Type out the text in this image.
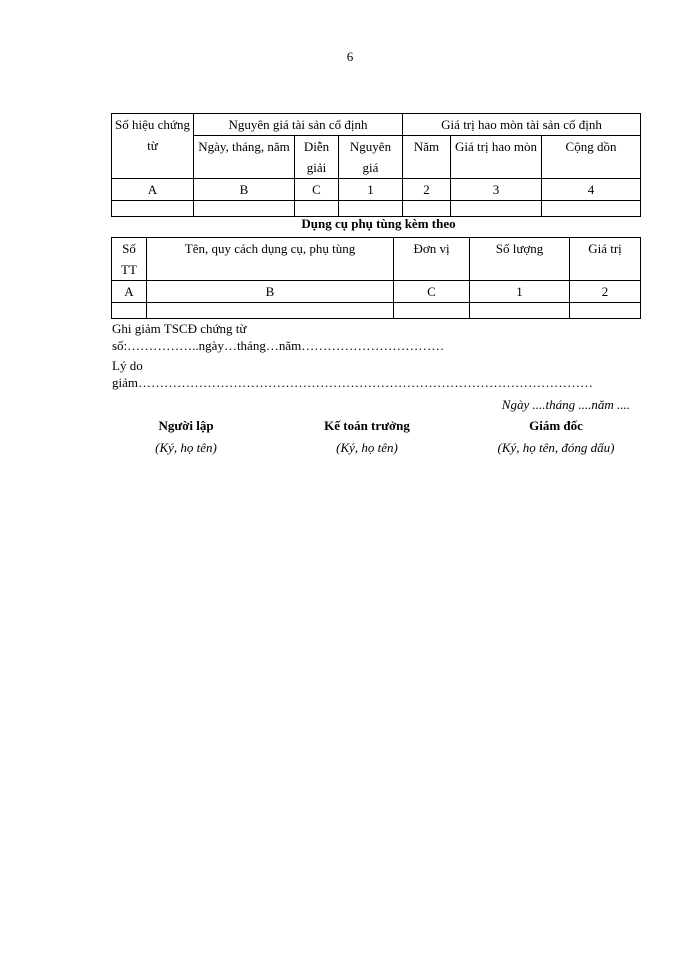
6
Số hiệu chứng từ	Nguyên giá tài sản cố định			Giá trị hao mòn tài sản cố định		
	Ngày, tháng, năm	Diễn giải	Nguyên giá	Năm	Giá trị hao mòn	Cộng dồn
A	B	C	1	2	3	4

Dụng cụ phụ tùng kèm theo
Số TT	Tên, quy cách dụng cụ, phụ tùng	Đơn vị	Số lượng	Giá trị
A	B	C	1	2

Ghi giảm TSCĐ chứng từ
số:……………..ngày…tháng…năm……………………………
Lý do
giảm……………………………………………………………………………………………
Ngày ....tháng ....năm ....
Người lập
(Ký, họ tên)
Kế toán trưởng
(Ký, họ tên)
Giám đốc
(Ký, họ tên, đóng dấu)
